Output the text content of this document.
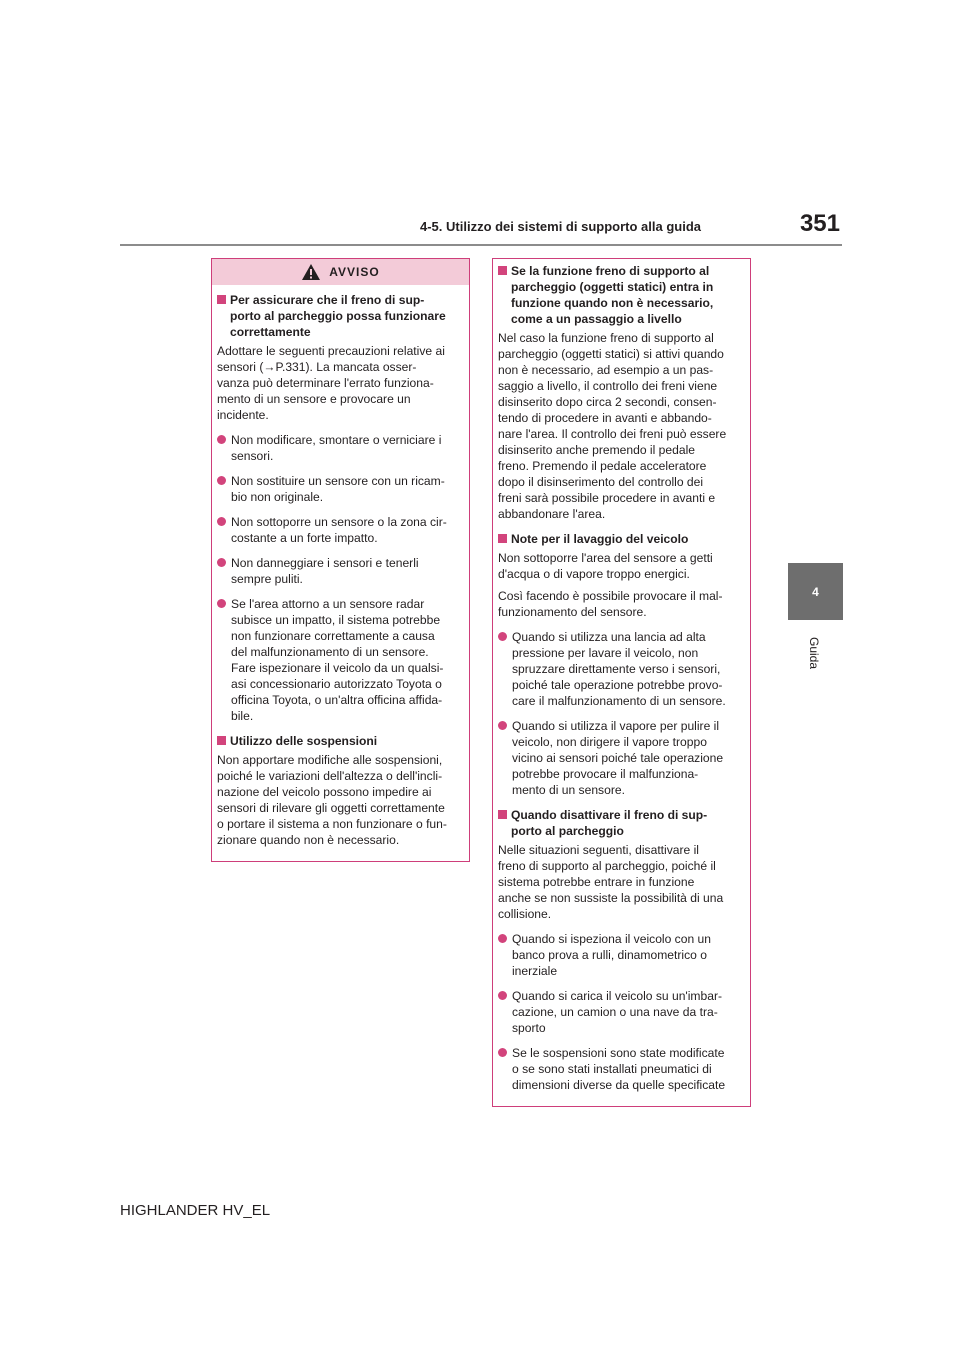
4-5. Utilizzo dei sistemi di supporto alla guida	351
4
Guida
AVVISO
Per assicurare che il freno di sup-
porto al parcheggio possa funzionare
correttamente
Adottare le seguenti precauzioni relative ai
sensori (→P.331). La mancata osser-
vanza può determinare l'errato funziona-
mento di un sensore e provocare un
incidente.
Non modificare, smontare o verniciare i
sensori.
Non sostituire un sensore con un ricam-
bio non originale.
Non sottoporre un sensore o la zona cir-
costante a un forte impatto.
Non danneggiare i sensori e tenerli
sempre puliti.
Se l'area attorno a un sensore radar
subisce un impatto, il sistema potrebbe
non funzionare correttamente a causa
del malfunzionamento di un sensore.
Fare ispezionare il veicolo da un qualsi-
asi concessionario autorizzato Toyota o
officina Toyota, o un'altra officina affida-
bile.
Utilizzo delle sospensioni
Non apportare modifiche alle sospensioni,
poiché le variazioni dell'altezza o dell'incli-
nazione del veicolo possono impedire ai
sensori di rilevare gli oggetti correttamente
o portare il sistema a non funzionare o fun-
zionare quando non è necessario.
Se la funzione freno di supporto al
parcheggio (oggetti statici) entra in
funzione quando non è necessario,
come a un passaggio a livello
Nel caso la funzione freno di supporto al
parcheggio (oggetti statici) si attivi quando
non è necessario, ad esempio a un pas-
saggio a livello, il controllo dei freni viene
disinserito dopo circa 2 secondi, consen-
tendo di procedere in avanti e abbando-
nare l'area. Il controllo dei freni può essere
disinserito anche premendo il pedale
freno. Premendo il pedale acceleratore
dopo il disinserimento del controllo dei
freni sarà possibile procedere in avanti e
abbandonare l'area.
Note per il lavaggio del veicolo
Non sottoporre l'area del sensore a getti
d'acqua o di vapore troppo energici.
Così facendo è possibile provocare il mal-
funzionamento del sensore.
Quando si utilizza una lancia ad alta
pressione per lavare il veicolo, non
spruzzare direttamente verso i sensori,
poiché tale operazione potrebbe provo-
care il malfunzionamento di un sensore.
Quando si utilizza il vapore per pulire il
veicolo, non dirigere il vapore troppo
vicino ai sensori poiché tale operazione
potrebbe provocare il malfunziona-
mento di un sensore.
Quando disattivare il freno di sup-
porto al parcheggio
Nelle situazioni seguenti, disattivare il
freno di supporto al parcheggio, poiché il
sistema potrebbe entrare in funzione
anche se non sussiste la possibilità di una
collisione.
Quando si ispeziona il veicolo con un
banco prova a rulli, dinamometrico o
inerziale
Quando si carica il veicolo su un'imbar-
cazione, un camion o una nave da tra-
sporto
Se le sospensioni sono state modificate
o se sono stati installati pneumatici di
dimensioni diverse da quelle specificate
HIGHLANDER HV_EL
